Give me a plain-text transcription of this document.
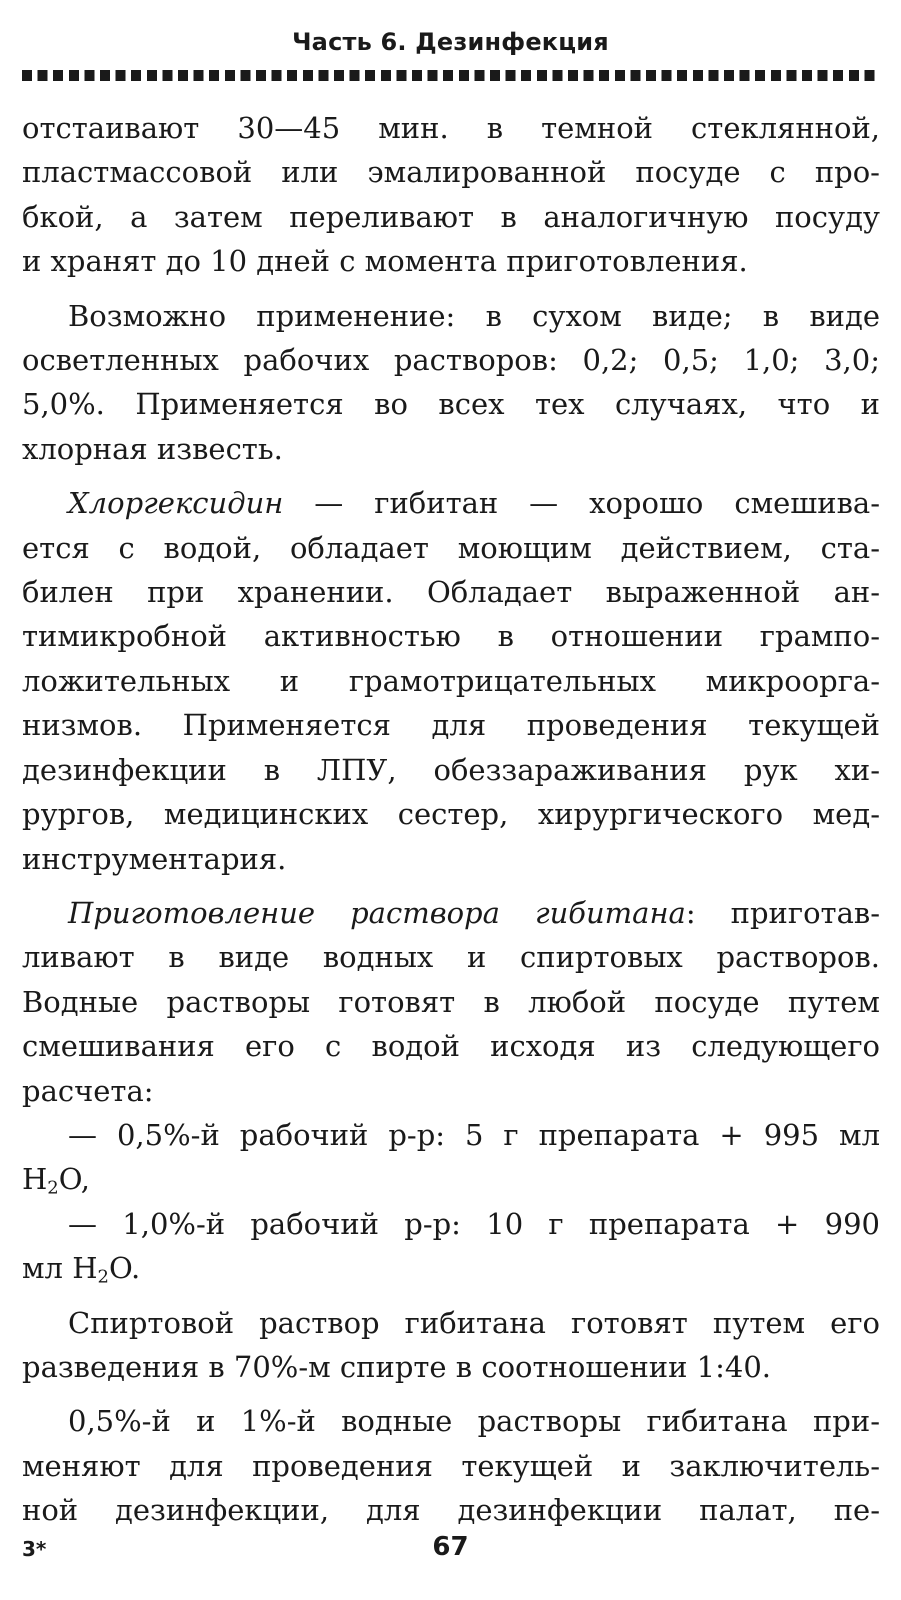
Часть 6. Дезинфекция
отстаивают 30—45 мин. в темной стеклянной,
пластмассовой или эмалированной посуде с про-
бкой, а затем переливают в аналогичную посуду
и хранят до 10 дней с момента приготовления.
Возможно применение: в сухом виде; в виде
осветленных рабочих растворов: 0,2; 0,5; 1,0; 3,0;
5,0%. Применяется во всех тех случаях, что и
хлорная известь.
Хлоргексидин — гибитан — хорошо смешива-
ется с водой, обладает моющим действием, ста-
билен при хранении. Обладает выраженной ан-
тимикробной активностью в отношении грампо-
ложительных и грамотрицательных микрооргa-
низмов. Применяется для проведения текущей
дезинфекции в ЛПУ, обеззараживания рук хи-
рургов, медицинских сестер, хирургического мед-
инструментария.
Приготовление раствора гибитана: приготав-
ливают в виде водных и спиртовых растворов.
Водные растворы готовят в любой посуде путем
смешивания его с водой исходя из следующего
расчета:
— 0,5%-й рабочий р-р: 5 г препарата + 995 мл
$H_2O$,
— 1,0%-й рабочий р-р: 10 г препарата + 990
мл $H_2O$.
Спиртовой раствор гибитана готовят путем его
разведения в 70%-м спирте в соотношении 1:40.
0,5%-й и 1%-й водные растворы гибитана при-
меняют для проведения текущей и заключитель-
ной дезинфекции, для дезинфекции палат, пе-
3*	67
